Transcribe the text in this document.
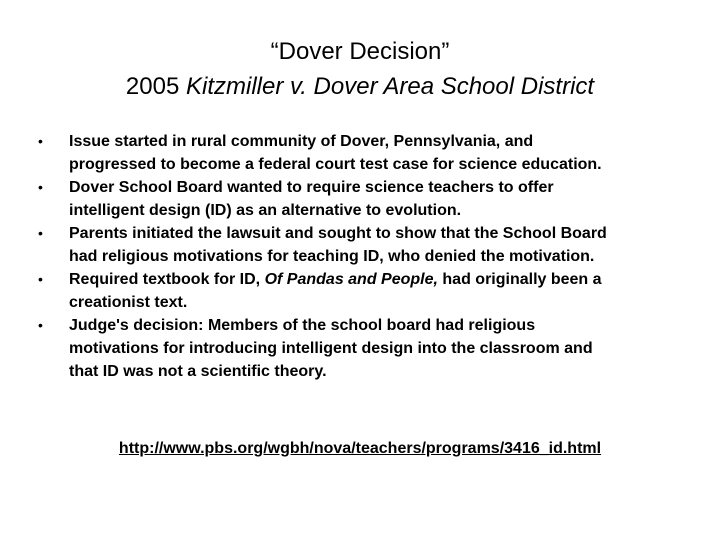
“Dover Decision”
2005 Kitzmiller v. Dover Area School District
• Issue started in rural community of Dover, Pennsylvania, and
progressed to become a federal court test case for science education.
• Dover School Board wanted to require science teachers to offer
intelligent design (ID) as an alternative to evolution.
• Parents initiated the lawsuit and sought to show that the School Board
had religious motivations for teaching ID, who denied the motivation.
• Required textbook for ID, Of Pandas and People, had originally been a
creationist text.
• Judge's decision: Members of the school board had religious
motivations for introducing intelligent design into the classroom and
that ID was not a scientific theory.
http://www.pbs.org/wgbh/nova/teachers/programs/3416_id.html
